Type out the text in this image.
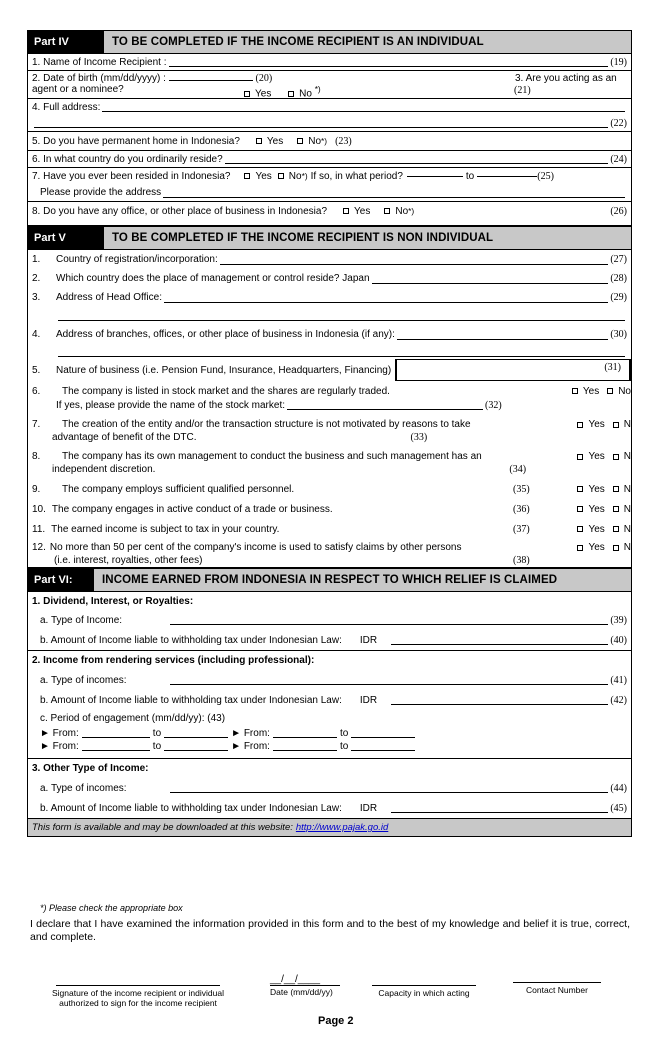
Part IV	TO BE COMPLETED IF THE INCOME RECIPIENT IS AN INDIVIDUAL
1. Name of Income Recipient :	(19)
2. Date of birth (mm/dd/yyyy) :	(20)	3. Are you acting as an
agent or a nominee?	Yes	No *)	(21)
4. Full address:
(22)
5. Do you have permanent home in Indonesia?	Yes	No *) (23)
6. In what country do you ordinarily reside?	(24)
7. Have you ever been resided in Indonesia?	Yes No *) If so, in what period?	to	(25)
Please provide the address
8. Do you have any office, or other place of business in Indonesia?	Yes	No *)	(26)
Part V	TO BE COMPLETED IF THE INCOME RECIPIENT IS NON INDIVIDUAL
1.	Country of registration/incorporation:	(27)
2.	Which country does the place of management or control reside? Japan	(28)
3.	Address of Head Office:	(29)
4.	Address of branches, offices, or other place of business in Indonesia (if any):	(30)
5.	Nature of business (i.e. Pension Fund, Insurance, Headquarters, Financing)	(31)
6.	The company is listed in stock market and the shares are regularly traded.	Yes No
If yes, please provide the name of the stock market:	(32)
7.	The creation of the entity and/or the transaction structure is not motivated by reasons to take	Yes N
advantage of benefit of the DTC.	(33)
8.	The company has its own management to conduct the business and such management has an	Yes N
independent discretion.	(34)
9.	The company employs sufficient qualified personnel.	(35)	Yes N
10. The company engages in active conduct of a trade or business.	(36)	Yes N
11. The earned income is subject to tax in your country.	(37)	Yes N
12. No more than 50 per cent of the company's income is used to satisfy claims by other persons	Yes N
(i.e. interest, royalties, other fees)	(38)
Part VI:	INCOME EARNED FROM INDONESIA IN RESPECT TO WHICH RELIEF IS CLAIMED
1. Dividend, Interest, or Royalties:
a. Type of Income:	(39)
b. Amount of Income liable to withholding tax under Indonesian Law: IDR	(40)
2. Income from rendering services (including professional):
a. Type of incomes:	(41)
b. Amount of Income liable to withholding tax under Indonesian Law: IDR	(42)
c. Period of engagement (mm/dd/yy): (43)
► From:	to	► From:	to
► From:	to	► From:	to
3. Other Type of Income:
a. Type of incomes:	(44)
b. Amount of Income liable to withholding tax under Indonesian Law: IDR	(45)
This form is available and may be downloaded at this website: http://www.pajak.go.id
*) Please check the appropriate box
I declare that I have examined the information provided in this form and to the best of my knowledge and belief it is true, correct, and complete.
Signature of the income recipient or individual
authorized to sign for the income recipient
__/__/____
Date (mm/dd/yy)	Capacity in which acting	Contact Number
Page 2
